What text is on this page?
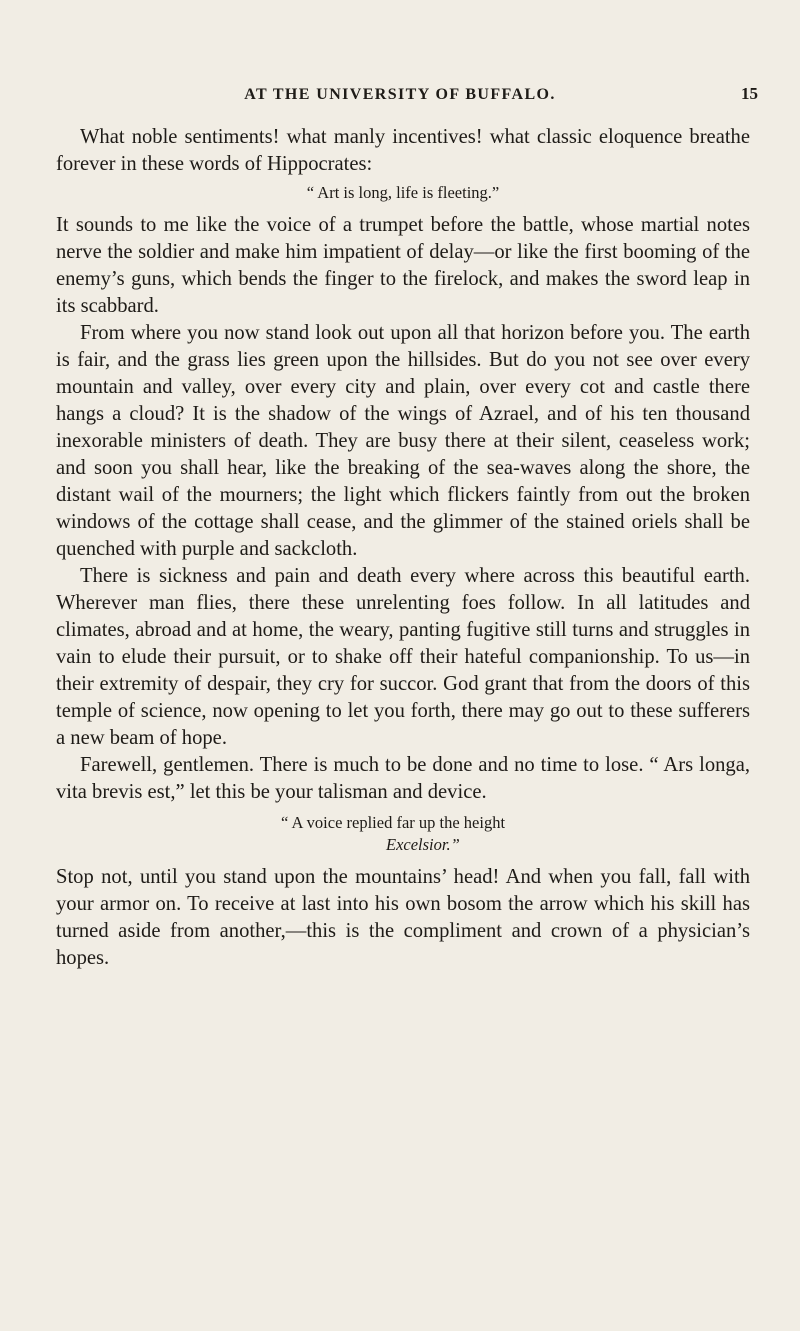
AT THE UNIVERSITY OF BUFFALO.	15

What noble sentiments! what manly incentives! what classic eloquence breathe forever in these words of Hippocrates:

“ Art is long, life is fleeting.”

It sounds to me like the voice of a trumpet before the battle, whose martial notes nerve the soldier and make him impatient of delay—or like the first booming of the enemy’s guns, which bends the finger to the firelock, and makes the sword leap in its scabbard.

From where you now stand look out upon all that horizon before you. The earth is fair, and the grass lies green upon the hillsides. But do you not see over every mountain and valley, over every city and plain, over every cot and castle there hangs a cloud? It is the shadow of the wings of Azrael, and of his ten thousand inexorable ministers of death. They are busy there at their silent, ceaseless work; and soon you shall hear, like the breaking of the sea-waves along the shore, the distant wail of the mourners; the light which flickers faintly from out the broken windows of the cottage shall cease, and the glimmer of the stained oriels shall be quenched with purple and sackcloth.

There is sickness and pain and death every where across this beautiful earth. Wherever man flies, there these unrelenting foes follow. In all latitudes and climates, abroad and at home, the weary, panting fugitive still turns and struggles in vain to elude their pursuit, or to shake off their hateful companionship. To us—in their extremity of despair, they cry for succor. God grant that from the doors of this temple of science, now opening to let you forth, there may go out to these sufferers a new beam of hope.

Farewell, gentlemen. There is much to be done and no time to lose. “ Ars longa, vita brevis est,” let this be your talisman and device.

“ A voice replied far up the height
Excelsior.”

Stop not, until you stand upon the mountains’ head! And when you fall, fall with your armor on. To receive at last into his own bosom the arrow which his skill has turned aside from another,—this is the compliment and crown of a physician’s hopes.
